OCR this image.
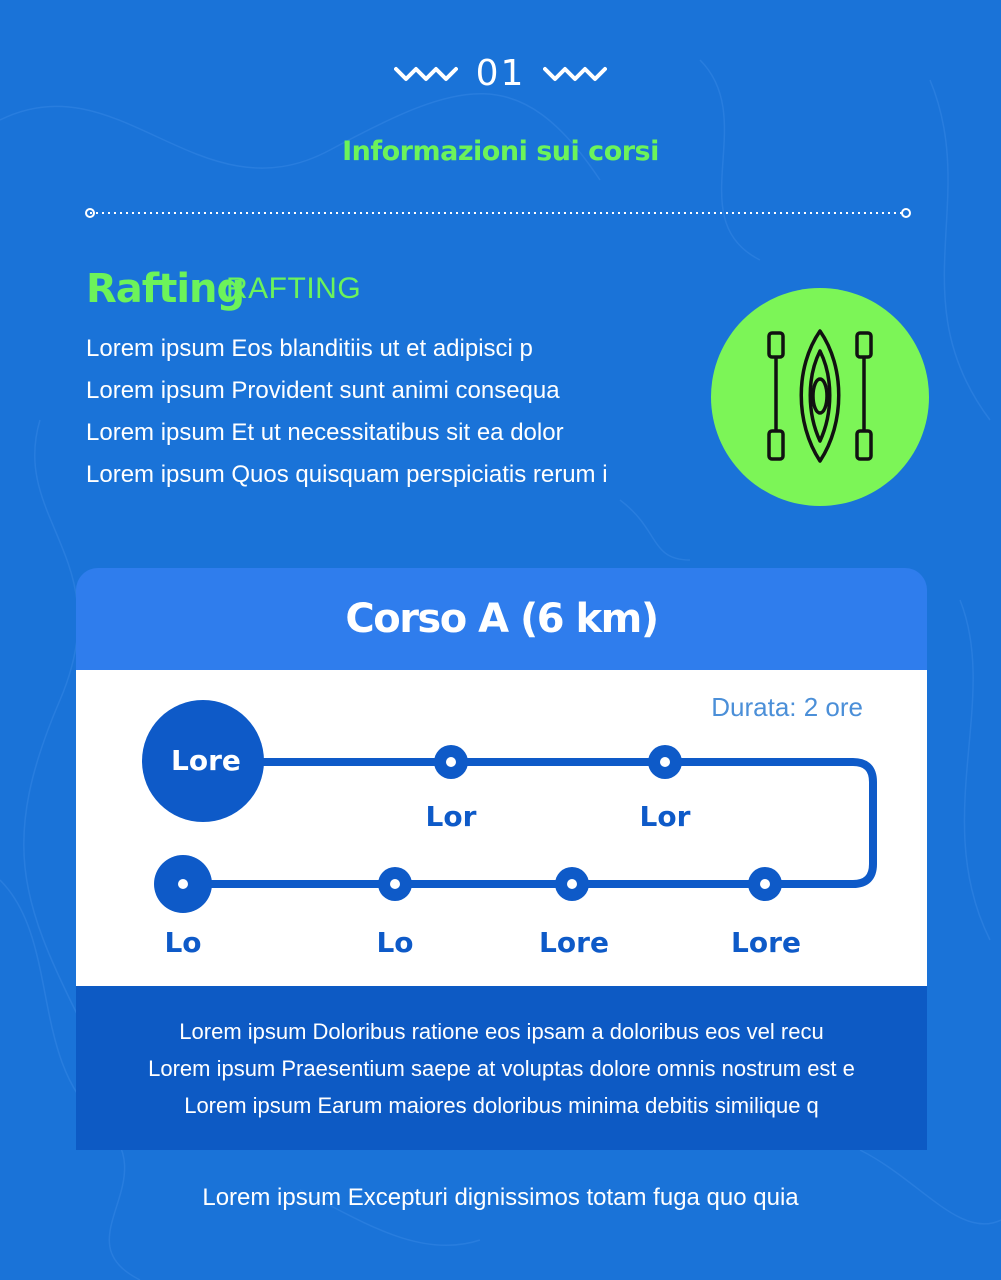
01
Informazioni sui corsi
RAFTING
Rafting
Lorem ipsum Eos blanditiis ut et adipisci p
Lorem ipsum Provident sunt animi consequa
Lorem ipsum Et ut necessitatibus sit ea dolor
Lorem ipsum Quos quisquam perspiciatis rerum i
Corso A (6 km)
Durata: 2 ore
Lore
Lor	Lor
Lo	Lo	Lore	Lore
Lorem ipsum Doloribus ratione eos ipsam a doloribus eos vel recu
Lorem ipsum Praesentium saepe at voluptas dolore omnis nostrum est e
Lorem ipsum Earum maiores doloribus minima debitis similique q
Lorem ipsum Excepturi dignissimos totam fuga quo quia
